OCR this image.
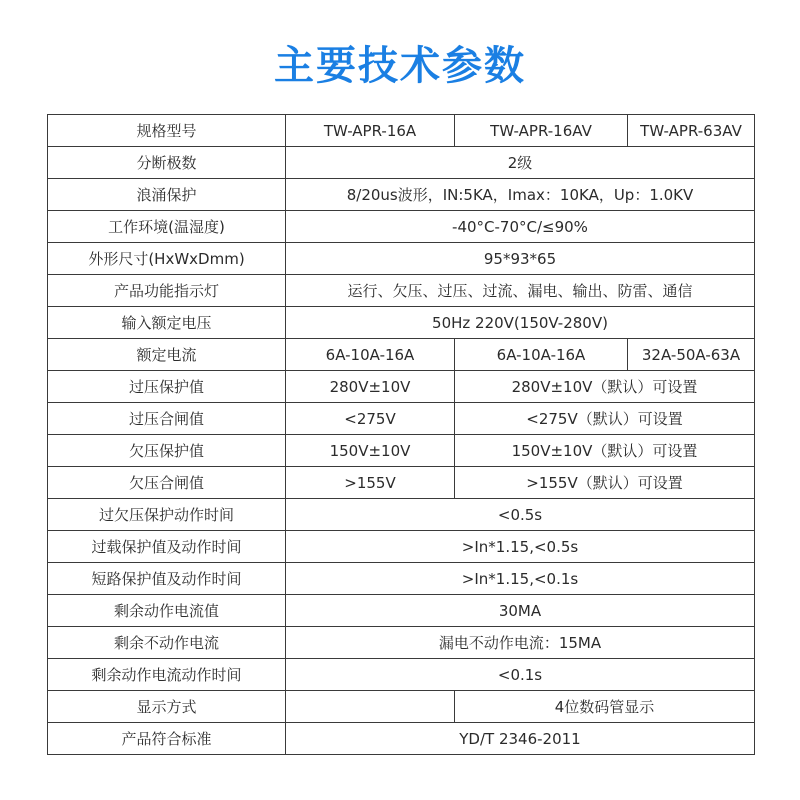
主要技术参数
规格型号	TW-APR-16A	TW-APR-16AV	TW-APR-63AV
分断极数	2级		
浪涌保护	8/20us波形，IN:5KA，Imax：10KA，Up：1.0KV		
工作环境(温湿度)	-40°C-70°C/≤90%		
外形尺寸(HxWxDmm)	95*93*65		
产品功能指示灯	运行、欠压、过压、过流、漏电、输出、防雷、通信		
输入额定电压	50Hz 220V(150V-280V)		
额定电流	6A-10A-16A	6A-10A-16A	32A-50A-63A
过压保护值	280V±10V	280V±10V（默认）可设置	
过压合闸值	<275V	<275V（默认）可设置	
欠压保护值	150V±10V	150V±10V（默认）可设置	
欠压合闸值	>155V	>155V（默认）可设置	
过欠压保护动作时间	<0.5s		
过载保护值及动作时间	>In*1.15,<0.5s		
短路保护值及动作时间	>In*1.15,<0.1s		
剩余动作电流值	30MA		
剩余不动作电流	漏电不动作电流：15MA		
剩余动作电流动作时间	<0.1s		
显示方式		4位数码管显示	
产品符合标准	YD/T 2346-2011		
